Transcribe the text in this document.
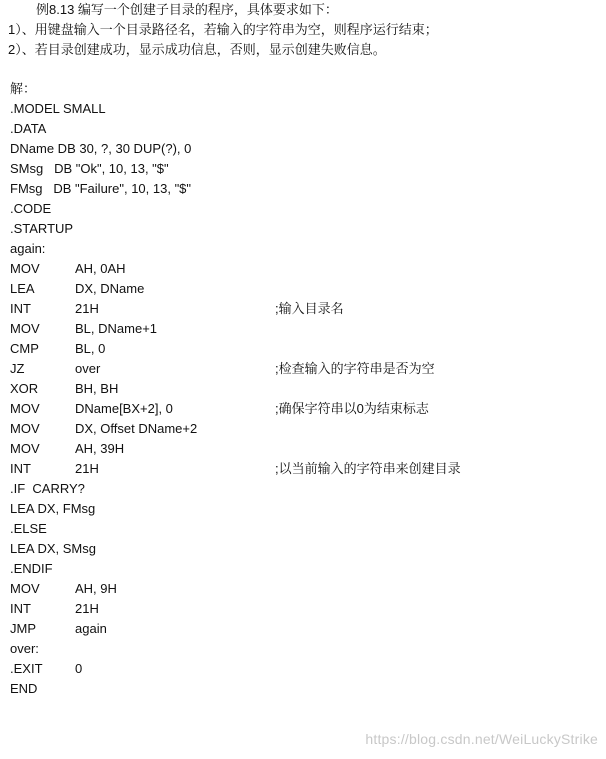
例8.13 编写一个创建子目录的程序，具体要求如下：
1）、用键盘输入一个目录路径名，若输入的字符串为空，则程序运行结束；
2）、若目录创建成功，显示成功信息，否则，显示创建失败信息。
解：
.MODEL SMALL
.DATA
DName DB 30, ?, 30 DUP(?), 0
SMsg   DB "Ok", 10, 13, "$"
FMsg   DB "Failure", 10, 13, "$"
.CODE
.STARTUP
again:
MOV	AH, 0AH
LEA	DX, DName
INT	21H	;输入目录名
MOV	BL, DName+1
CMP	BL, 0
JZ	over	;检查输入的字符串是否为空
XOR	BH, BH
MOV	DName[BX+2], 0	;确保字符串以0为结束标志
MOV	DX, Offset DName+2
MOV	AH, 39H
INT	21H	;以当前输入的字符串来创建目录
.IF  CARRY?
LEA DX, FMsg
.ELSE
LEA DX, SMsg
.ENDIF
MOV	AH, 9H
INT	21H
JMP	again
over:
.EXIT 0
END
https://blog.csdn.net/WeiLuckyStrike
